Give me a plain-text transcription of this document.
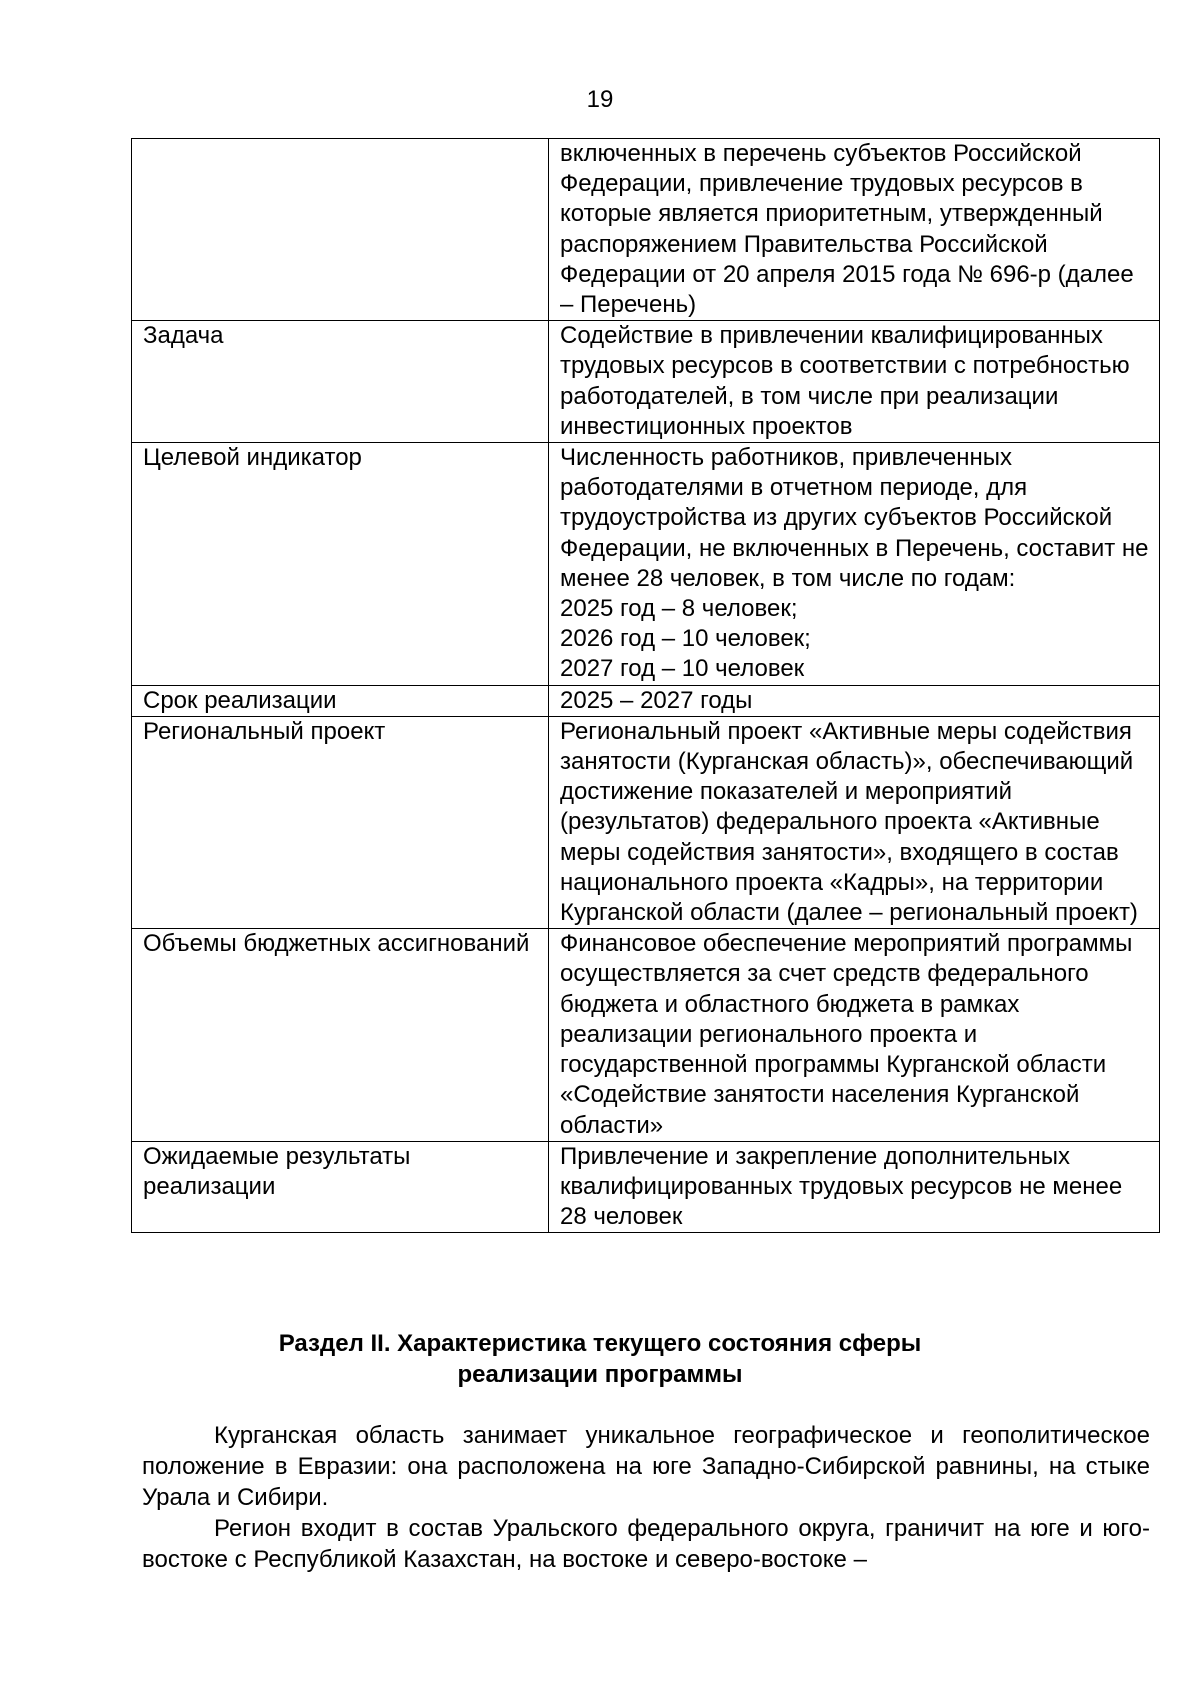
19
	включенных в перечень субъектов Российской Федерации, привлечение трудовых ресурсов в которые является приоритетным, утвержденный распоряжением Правительства Российской Федерации от 20 апреля 2015 года № 696-р (далее – Перечень)
Задача	Содействие в привлечении квалифицированных трудовых ресурсов в соответствии с потребностью работодателей, в том числе при реализации инвестиционных проектов
Целевой индикатор	Численность работников, привлеченных работодателями в отчетном периоде, для трудоустройства из других субъектов Российской Федерации, не включенных в Перечень, составит не менее 28 человек, в том числе по годам:
2025 год – 8 человек;
2026 год – 10 человек;
2027 год – 10 человек
Срок реализации	2025 – 2027 годы
Региональный проект	Региональный проект «Активные меры содействия занятости (Курганская область)», обеспечивающий достижение показателей и мероприятий (результатов) федерального проекта «Активные меры содействия занятости», входящего в состав национального проекта «Кадры», на территории Курганской области (далее – региональный проект)
Объемы бюджетных ассигнований	Финансовое обеспечение мероприятий программы осуществляется за счет средств федерального бюджета и областного бюджета в рамках реализации регионального проекта и государственной программы Курганской области «Содействие занятости населения Курганской области»
Ожидаемые результаты реализации	Привлечение и закрепление дополнительных квалифицированных трудовых ресурсов не менее 28 человек
Раздел II. Характеристика текущего состояния сферы
реализации программы

Курганская область занимает уникальное географическое и геополитическое положение в Евразии: она расположена на юге Западно-Сибирской равнины, на стыке Урала и Сибири.

Регион входит в состав Уральского федерального округа, граничит на юге и юго-востоке с Республикой Казахстан, на востоке и северо-востоке –
